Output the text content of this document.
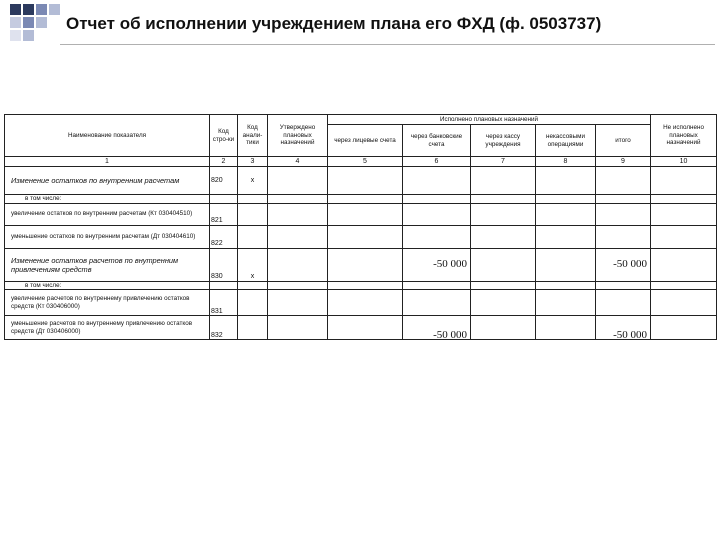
Отчет об исполнении учреждением плана его ФХД (ф. 0503737)
Наименование показателя	Код стро-ки	Код анали-тики	Утверждено плановых назначений	Исполнено плановых назначений					Не исполнено плановых назначений
				через лицевые счета	через банковские счета	через кассу учреждения	некассовыми операциями	итого	
1	2	3	4	5	6	7	8	9	10
Изменение остатков по внутренним расчетам	820	x							
в том числе:									
увеличение остатков по внутренним расчетам (Кт 030404510)	821								
уменьшение остатков по внутренним расчетам (Дт 030404610)	822								
Изменение остатков расчетов по внутренним привлечениям средств	830	x			-50 000			-50 000	
в том числе:									
увеличение расчетов по внутреннему привлечению остатков средств (Кт 030406000)	831								
уменьшение расчетов по внутреннему привлечению остатков средств (Дт 030406000)	832				-50 000			-50 000	
